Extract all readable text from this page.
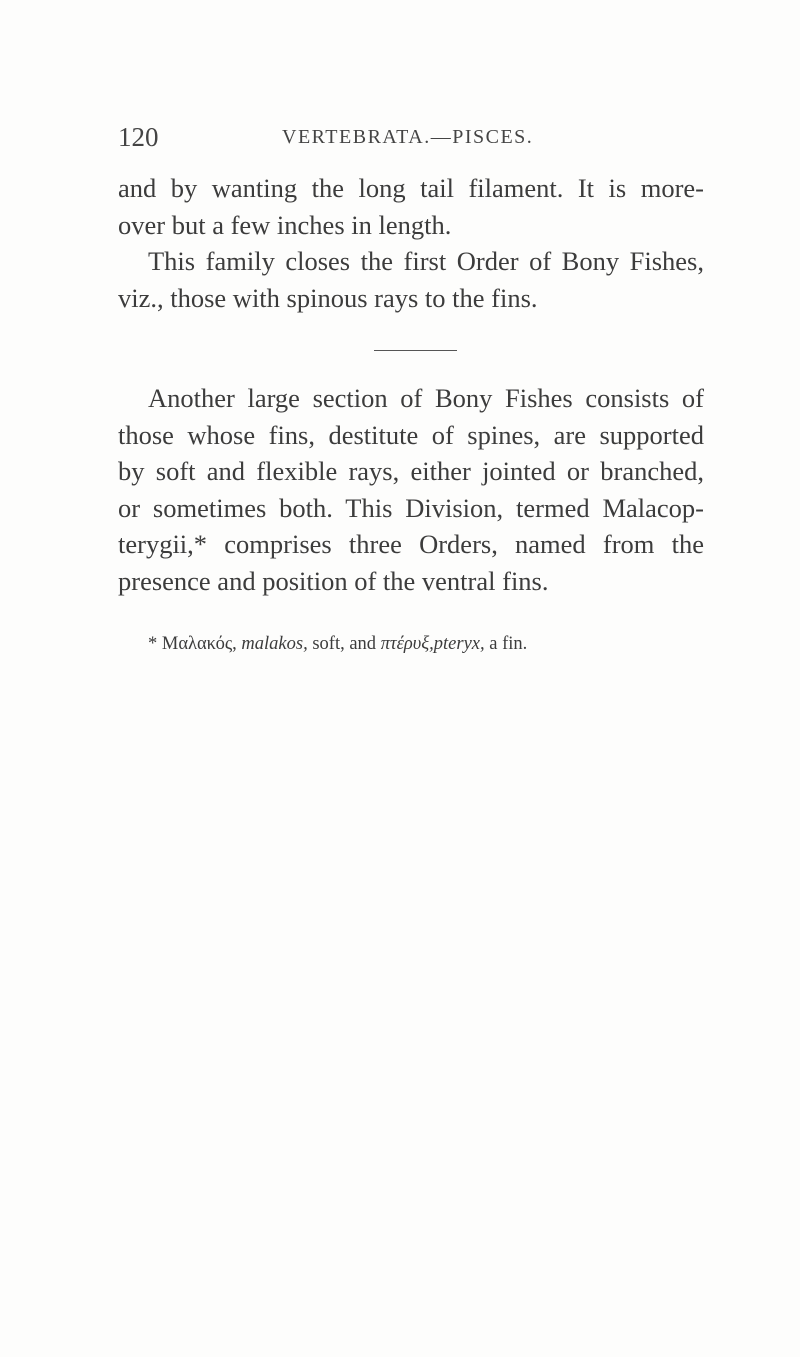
120	VERTEBRATA.—PISCES.
and by wanting the long tail filament. It is more-
over but a few inches in length.
This family closes the first Order of Bony Fishes,
viz., those with spinous rays to the fins.
Another large section of Bony Fishes consists of
those whose fins, destitute of spines, are supported
by soft and flexible rays, either jointed or branched,
or sometimes both. This Division, termed Malacop-
terygii,* comprises three Orders, named from the
presence and position of the ventral fins.
* Μαλακός, malakos, soft, and πτέρυξ,pteryx, a fin.
